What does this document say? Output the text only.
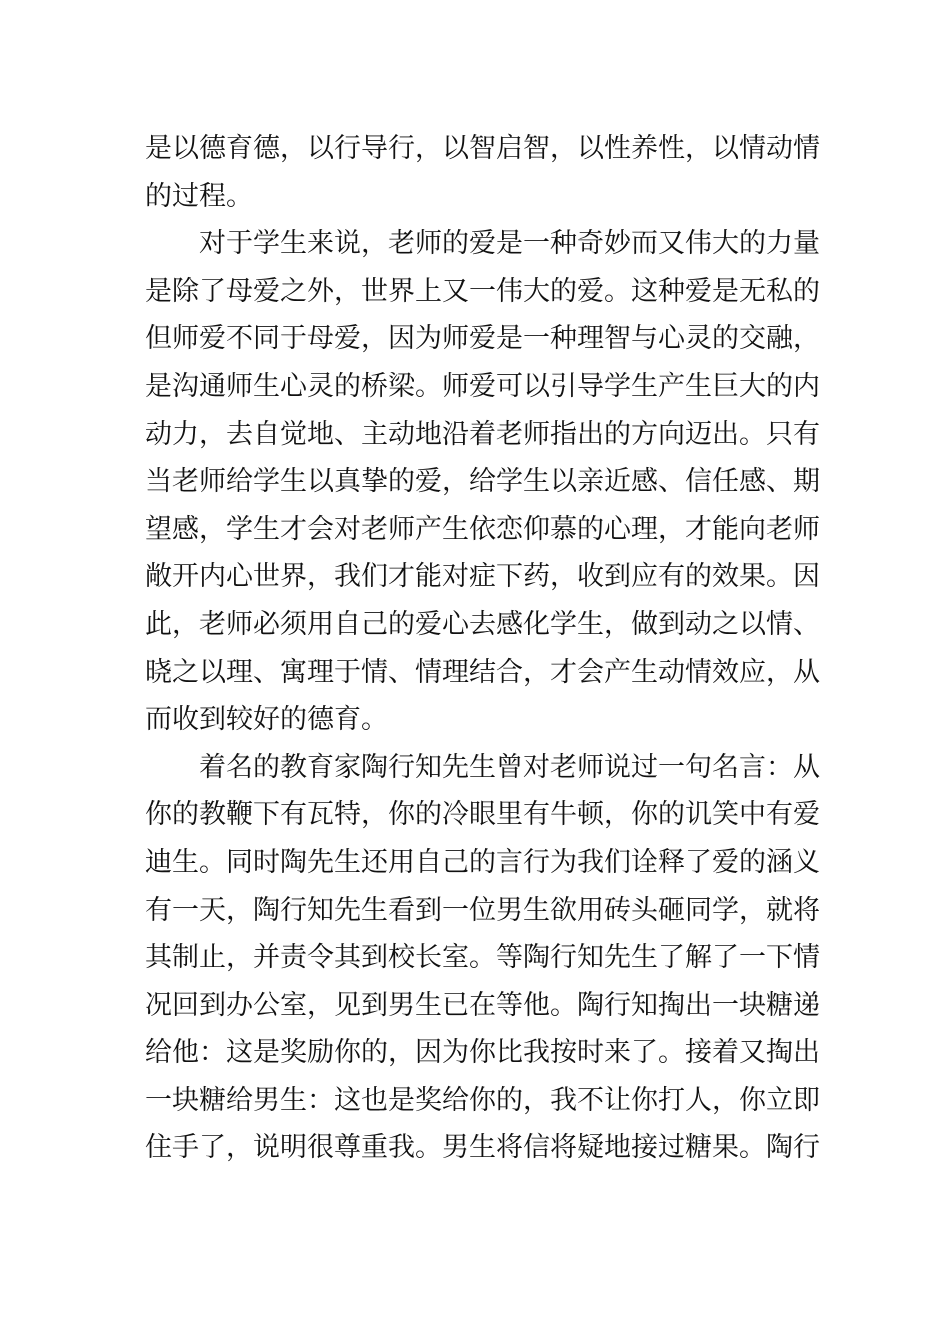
是以德育德，以行导行，以智启智，以性养性，以情动情
的过程。
对于学生来说，老师的爱是一种奇妙而又伟大的力量
是除了母爱之外，世界上又一伟大的爱。这种爱是无私的
但师爱不同于母爱，因为师爱是一种理智与心灵的交融，
是沟通师生心灵的桥梁。师爱可以引导学生产生巨大的内
动力，去自觉地、主动地沿着老师指出的方向迈出。只有
当老师给学生以真挚的爱，给学生以亲近感、信任感、期
望感，学生才会对老师产生依恋仰慕的心理，才能向老师
敞开内心世界，我们才能对症下药，收到应有的效果。因
此，老师必须用自己的爱心去感化学生，做到动之以情、
晓之以理、寓理于情、情理结合，才会产生动情效应，从
而收到较好的德育。
着名的教育家陶行知先生曾对老师说过一句名言：从
你的教鞭下有瓦特，你的冷眼里有牛顿，你的讥笑中有爱
迪生。同时陶先生还用自己的言行为我们诠释了爱的涵义
有一天，陶行知先生看到一位男生欲用砖头砸同学，就将
其制止，并责令其到校长室。等陶行知先生了解了一下情
况回到办公室，见到男生已在等他。陶行知掏出一块糖递
给他：这是奖励你的，因为你比我按时来了。接着又掏出
一块糖给男生：这也是奖给你的，我不让你打人，你立即
住手了，说明很尊重我。男生将信将疑地接过糖果。陶行
